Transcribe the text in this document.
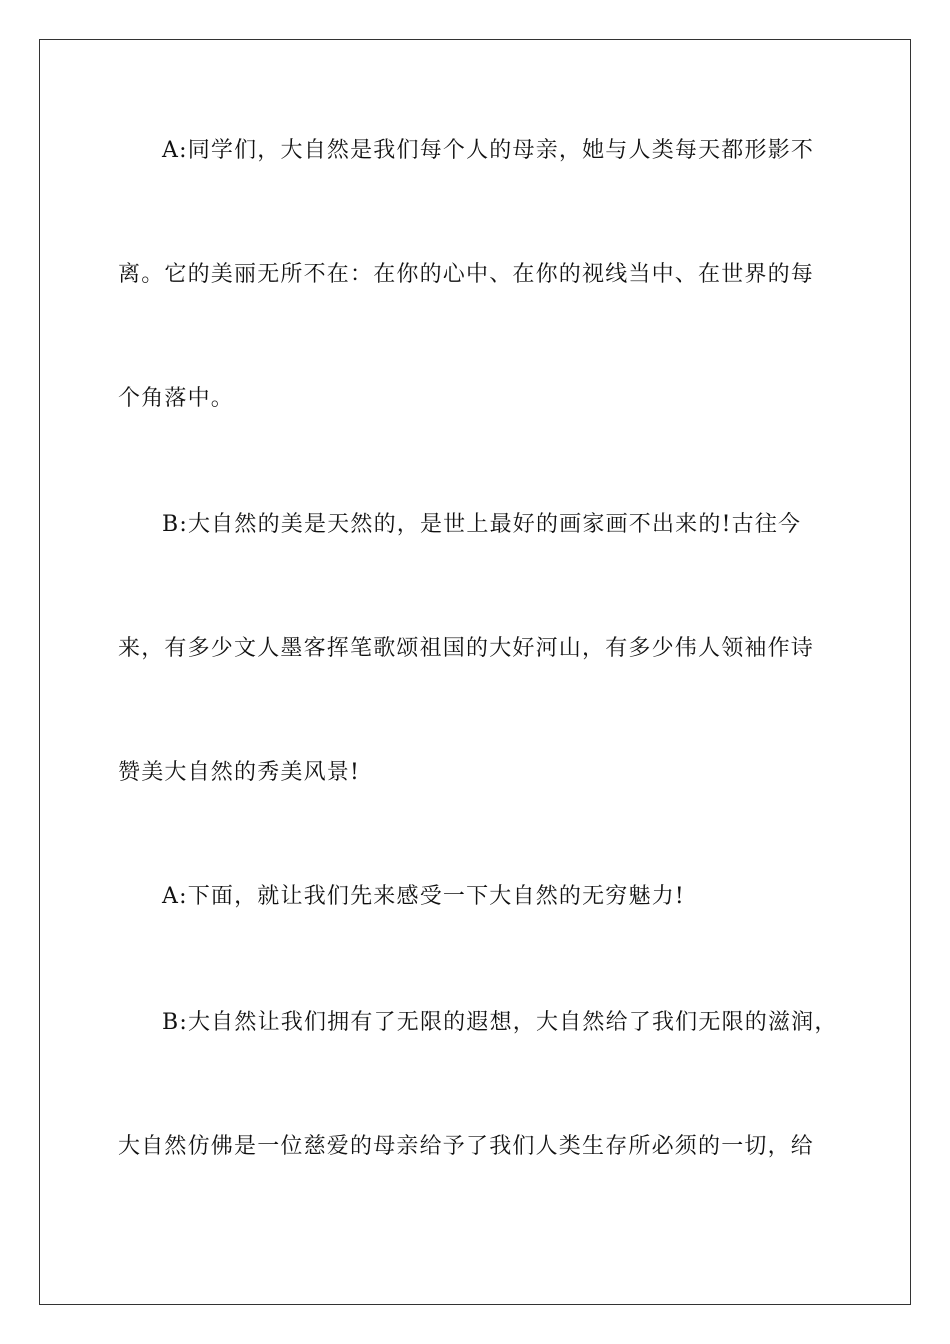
A:同学们，大自然是我们每个人的母亲，她与人类每天都形影不
离。它的美丽无所不在：在你的心中、在你的视线当中、在世界的每
个角落中。
B:大自然的美是天然的，是世上最好的画家画不出来的!古往今
来，有多少文人墨客挥笔歌颂祖国的大好河山，有多少伟人领袖作诗
赞美大自然的秀美风景!
A:下面，就让我们先来感受一下大自然的无穷魅力!
B:大自然让我们拥有了无限的遐想，大自然给了我们无限的滋润，
大自然仿佛是一位慈爱的母亲给予了我们人类生存所必须的一切，给
